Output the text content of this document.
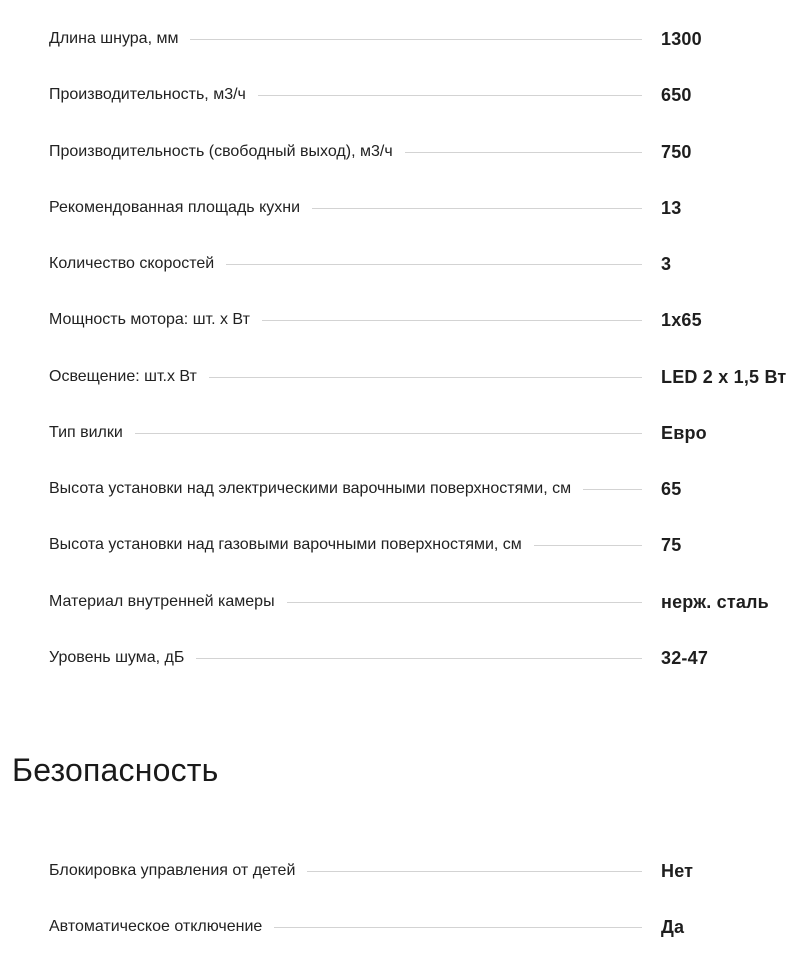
Длина шнура, мм	1300
Производительность, м3/ч	650
Производительность (свободный выход), м3/ч	750
Рекомендованная площадь кухни	13
Количество скоростей	3
Мощность мотора: шт. х Вт	1x65
Освещение: шт.х Вт	LED 2 x 1,5 Вт
Тип вилки	Евро
Высота установки над электрическими варочными поверхностями, см	65
Высота установки над газовыми варочными поверхностями, см	75
Материал внутренней камеры	нерж. сталь
Уровень шума, дБ	32-47
Безопасность
Блокировка управления от детей	Нет
Автоматическое отключение	Да
